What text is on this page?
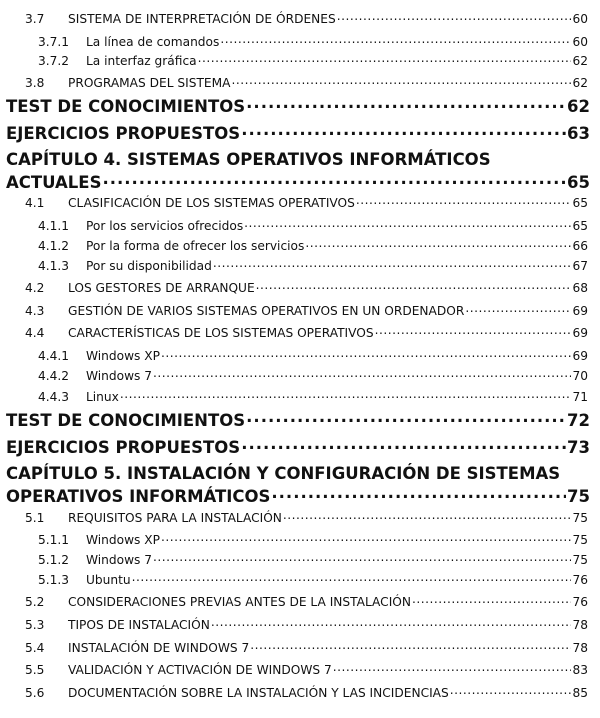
3.7	SISTEMA DE INTERPRETACIÓN DE ÓRDENES .....	60
3.7.1	La línea de comandos .....	60
3.7.2	La interfaz gráfica .....	62
3.8	PROGRAMAS DEL SISTEMA .....	62
TEST DE CONOCIMIENTOS .....	62
EJERCICIOS PROPUESTOS .....	63
CAPÍTULO 4. SISTEMAS OPERATIVOS INFORMÁTICOS
ACTUALES .....	65
4.1	CLASIFICACIÓN DE LOS SISTEMAS OPERATIVOS .....	65
4.1.1	Por los servicios ofrecidos .....	65
4.1.2	Por la forma de ofrecer los servicios .....	66
4.1.3	Por su disponibilidad .....	67
4.2	LOS GESTORES DE ARRANQUE .....	68
4.3	GESTIÓN DE VARIOS SISTEMAS OPERATIVOS EN UN ORDENADOR .....	69
4.4	CARACTERÍSTICAS DE LOS SISTEMAS OPERATIVOS .....	69
4.4.1	Windows XP .....	69
4.4.2	Windows 7 .....	70
4.4.3	Linux .....	71
TEST DE CONOCIMIENTOS .....	72
EJERCICIOS PROPUESTOS .....	73
CAPÍTULO 5. INSTALACIÓN Y CONFIGURACIÓN DE SISTEMAS
OPERATIVOS INFORMÁTICOS .....	75
5.1	REQUISITOS PARA LA INSTALACIÓN .....	75
5.1.1	Windows XP .....	75
5.1.2	Windows 7 .....	75
5.1.3	Ubuntu .....	76
5.2	CONSIDERACIONES PREVIAS ANTES DE LA INSTALACIÓN .....	76
5.3	TIPOS DE INSTALACIÓN .....	78
5.4	INSTALACIÓN DE WINDOWS 7 .....	78
5.5	VALIDACIÓN Y ACTIVACIÓN DE WINDOWS 7 .....	83
5.6	DOCUMENTACIÓN SOBRE LA INSTALACIÓN Y LAS INCIDENCIAS .....	85
